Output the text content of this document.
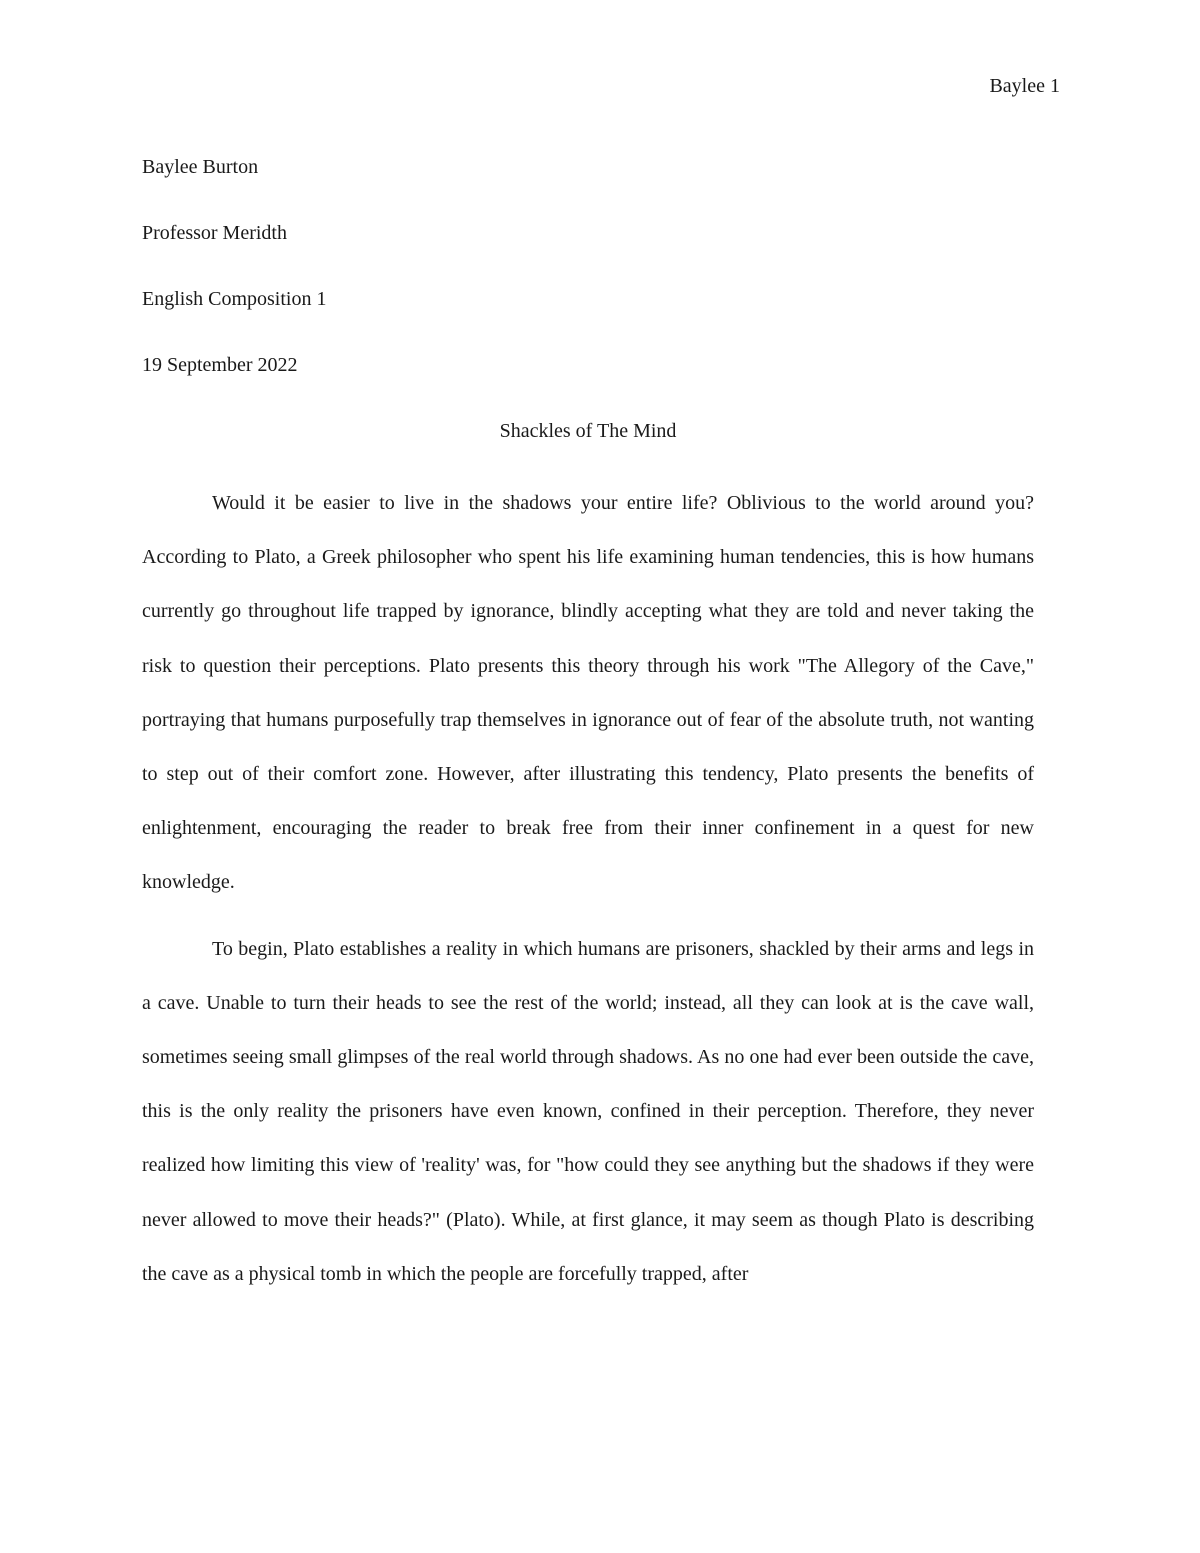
Baylee 1
Baylee Burton
Professor Meridth
English Composition 1
19 September 2022
Shackles of The Mind

Would it be easier to live in the shadows your entire life? Oblivious to the world around you? According to Plato, a Greek philosopher who spent his life examining human tendencies, this is how humans currently go throughout life trapped by ignorance, blindly accepting what they are told and never taking the risk to question their perceptions. Plato presents this theory through his work "The Allegory of the Cave," portraying that humans purposefully trap themselves in ignorance out of fear of the absolute truth, not wanting to step out of their comfort zone. However, after illustrating this tendency, Plato presents the benefits of enlightenment, encouraging the reader to break free from their inner confinement in a quest for new knowledge.

To begin, Plato establishes a reality in which humans are prisoners, shackled by their arms and legs in a cave. Unable to turn their heads to see the rest of the world; instead, all they can look at is the cave wall, sometimes seeing small glimpses of the real world through shadows. As no one had ever been outside the cave, this is the only reality the prisoners have even known, confined in their perception. Therefore, they never realized how limiting this view of 'reality' was, for "how could they see anything but the shadows if they were never allowed to move their heads?" (Plato). While, at first glance, it may seem as though Plato is describing the cave as a physical tomb in which the people are forcefully trapped, after
